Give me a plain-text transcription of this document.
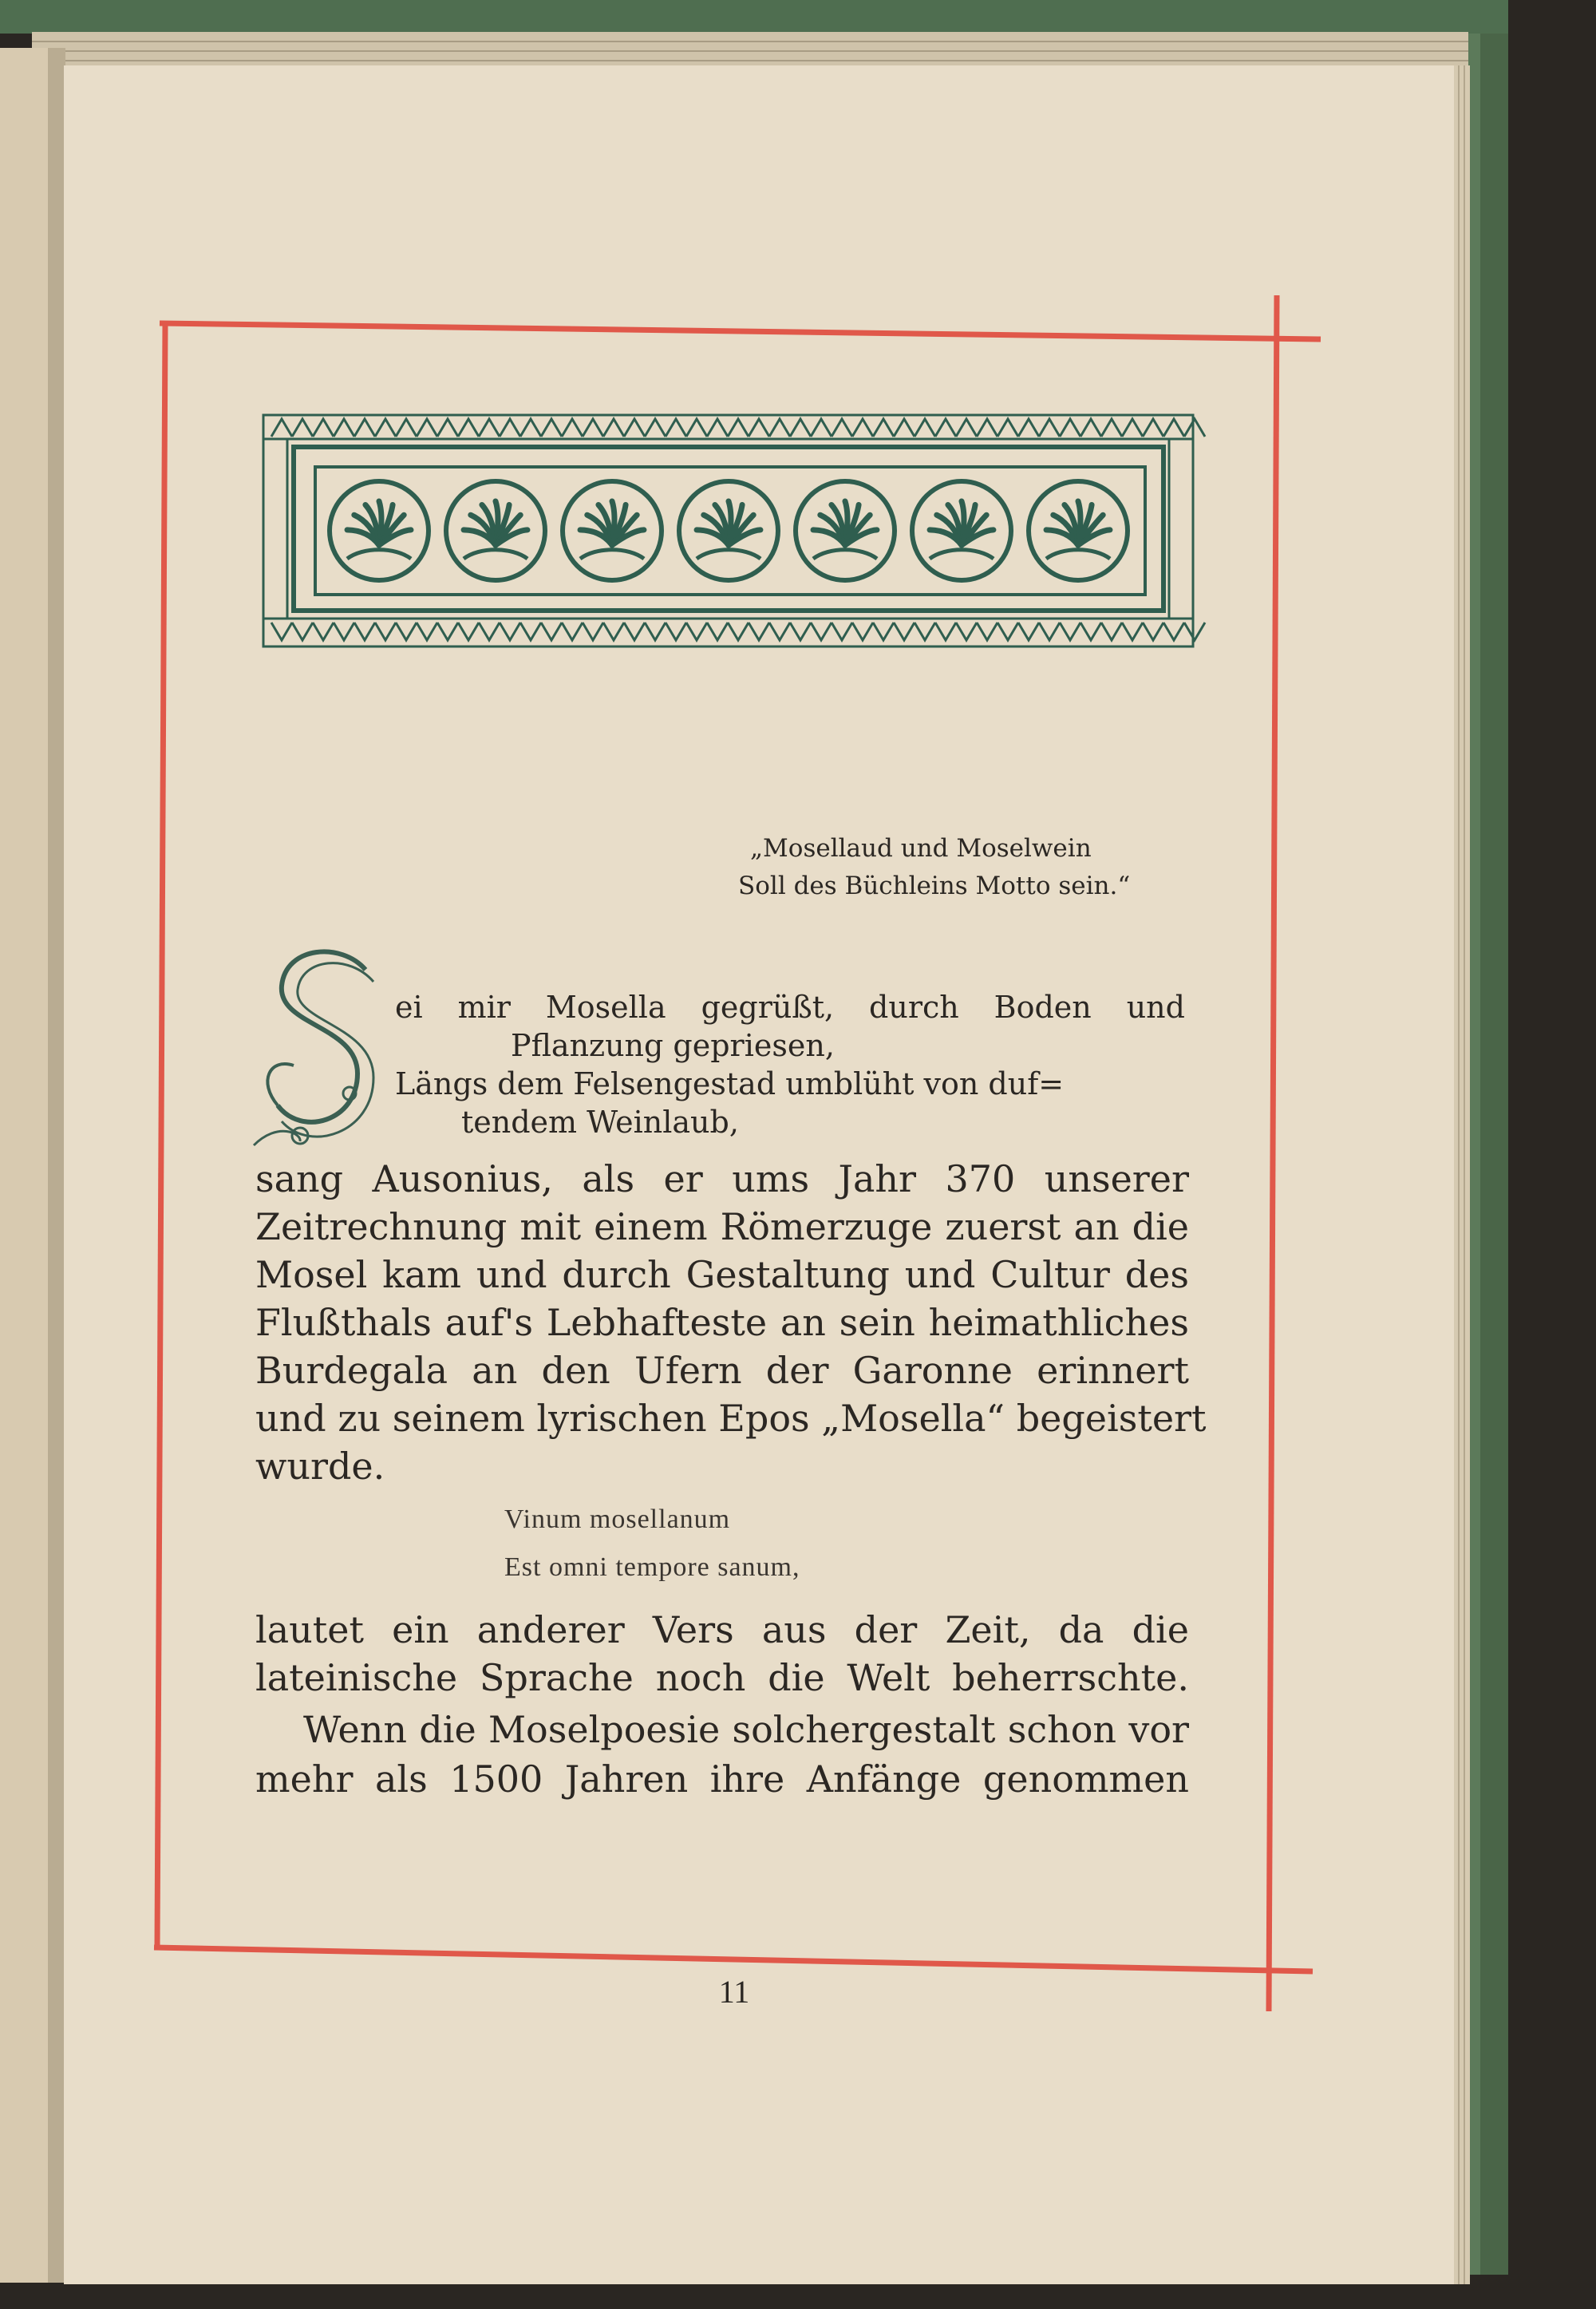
„Mosellaud und Moselwein
Soll des Büchleins Motto sein.“
ei mir Mosella gegrüßt, durch Boden und
Pflanzung gepriesen,
Längs dem Felsengestad umblüht von duf=
tendem Weinlaub,
sang Ausonius, als er ums Jahr 370 unserer
Zeitrechnung mit einem Römerzuge zuerst an die
Mosel kam und durch Gestaltung und Cultur des
Flußthals auf's Lebhafteste an sein heimathliches
Burdegala an den Ufern der Garonne erinnert
und zu seinem lyrischen Epos „Mosella“ begeistert
wurde.
Vinum mosellanum
Est omni tempore sanum,
lautet ein anderer Vers aus der Zeit, da die
lateinische Sprache noch die Welt beherrschte.
Wenn die Moselpoesie solchergestalt schon vor
mehr als 1500 Jahren ihre Anfänge genommen
11
